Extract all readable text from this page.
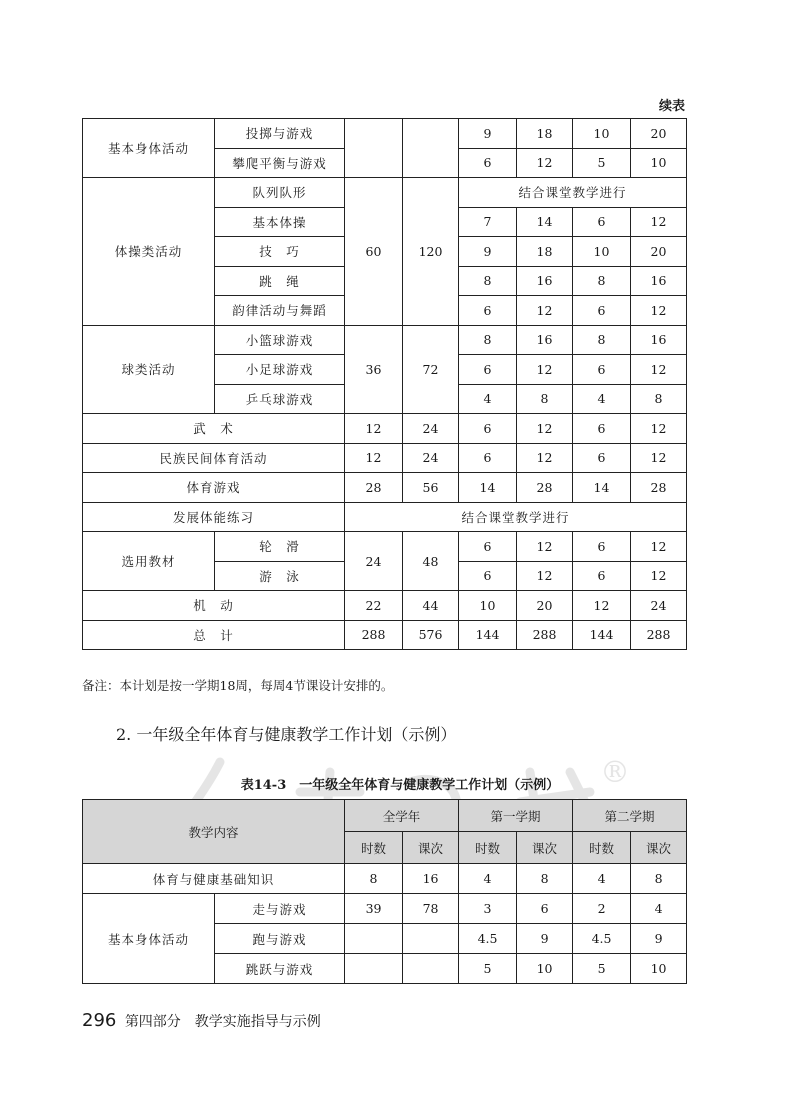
®
续表
基本身体活动	投掷与游戏			9	18	10	20
	攀爬平衡与游戏			6	12	5	10
体操类活动	队列队形	60	120	结合课堂教学进行			
	基本体操			7	14	6	12
	技　巧			9	18	10	20
	跳　绳			8	16	8	16
	韵律活动与舞蹈			6	12	6	12
球类活动	小篮球游戏	36	72	8	16	8	16
	小足球游戏			6	12	6	12
	乒乓球游戏			4	8	4	8
武　术		12	24	6	12	6	12
民族民间体育活动		12	24	6	12	6	12
体育游戏		28	56	14	28	14	28
发展体能练习		结合课堂教学进行					
选用教材	轮　滑	24	48	6	12	6	12
	游　泳			6	12	6	12
机　动		22	44	10	20	12	24
总　计		288	576	144	288	144	288
备注：本计划是按一学期18周，每周4节课设计安排的。
2. 一年级全年体育与健康教学工作计划（示例）
表14-3　一年级全年体育与健康教学工作计划（示例）
教学内容		全学年		第一学期		第二学期	
		时数	课次	时数	课次	时数	课次
体育与健康基础知识		8	16	4	8	4	8
基本身体活动	走与游戏	39	78	3	6	2	4
	跑与游戏			4.5	9	4.5	9
	跳跃与游戏			5	10	5	10
296 第四部分　教学实施指导与示例
